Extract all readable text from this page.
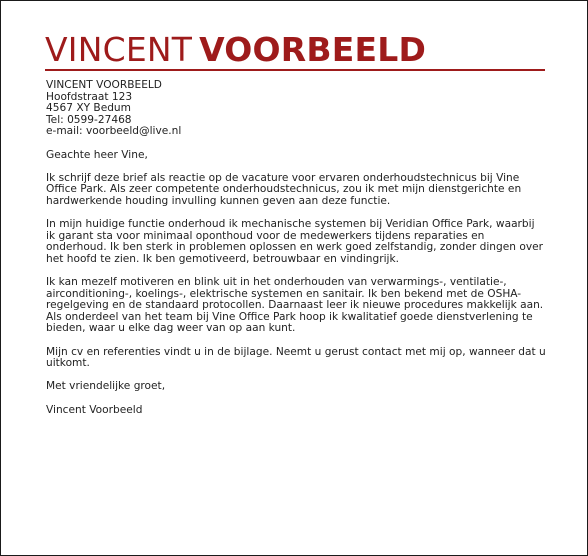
VINCENT VOORBEELD

VINCENT VOORBEELD
Hoofdstraat 123
4567 XY Bedum
Tel: 0599-27468
e-mail: voorbeeld@live.nl

Geachte heer Vine,

Ik schrijf deze brief als reactie op de vacature voor ervaren onderhoudstechnicus bij Vine Office Park. Als zeer competente onderhoudstechnicus, zou ik met mijn dienstgerichte en hardwerkende houding invulling kunnen geven aan deze functie.

In mijn huidige functie onderhoud ik mechanische systemen bij Veridian Office Park, waarbij ik garant sta voor minimaal oponthoud voor de medewerkers tijdens reparaties en onderhoud. Ik ben sterk in problemen oplossen en werk goed zelfstandig, zonder dingen over het hoofd te zien. Ik ben gemotiveerd, betrouwbaar en vindingrijk.

Ik kan mezelf motiveren en blink uit in het onderhouden van verwarmings-, ventilatie-, airconditioning-, koelings-, elektrische systemen en sanitair. Ik ben bekend met de OSHA-regelgeving en de standaard protocollen. Daarnaast leer ik nieuwe procedures makkelijk aan. Als onderdeel van het team bij Vine Office Park hoop ik kwalitatief goede dienstverlening te bieden, waar u elke dag weer van op aan kunt.

Mijn cv en referenties vindt u in de bijlage. Neemt u gerust contact met mij op, wanneer dat u uitkomt.

Met vriendelijke groet,

Vincent Voorbeeld
